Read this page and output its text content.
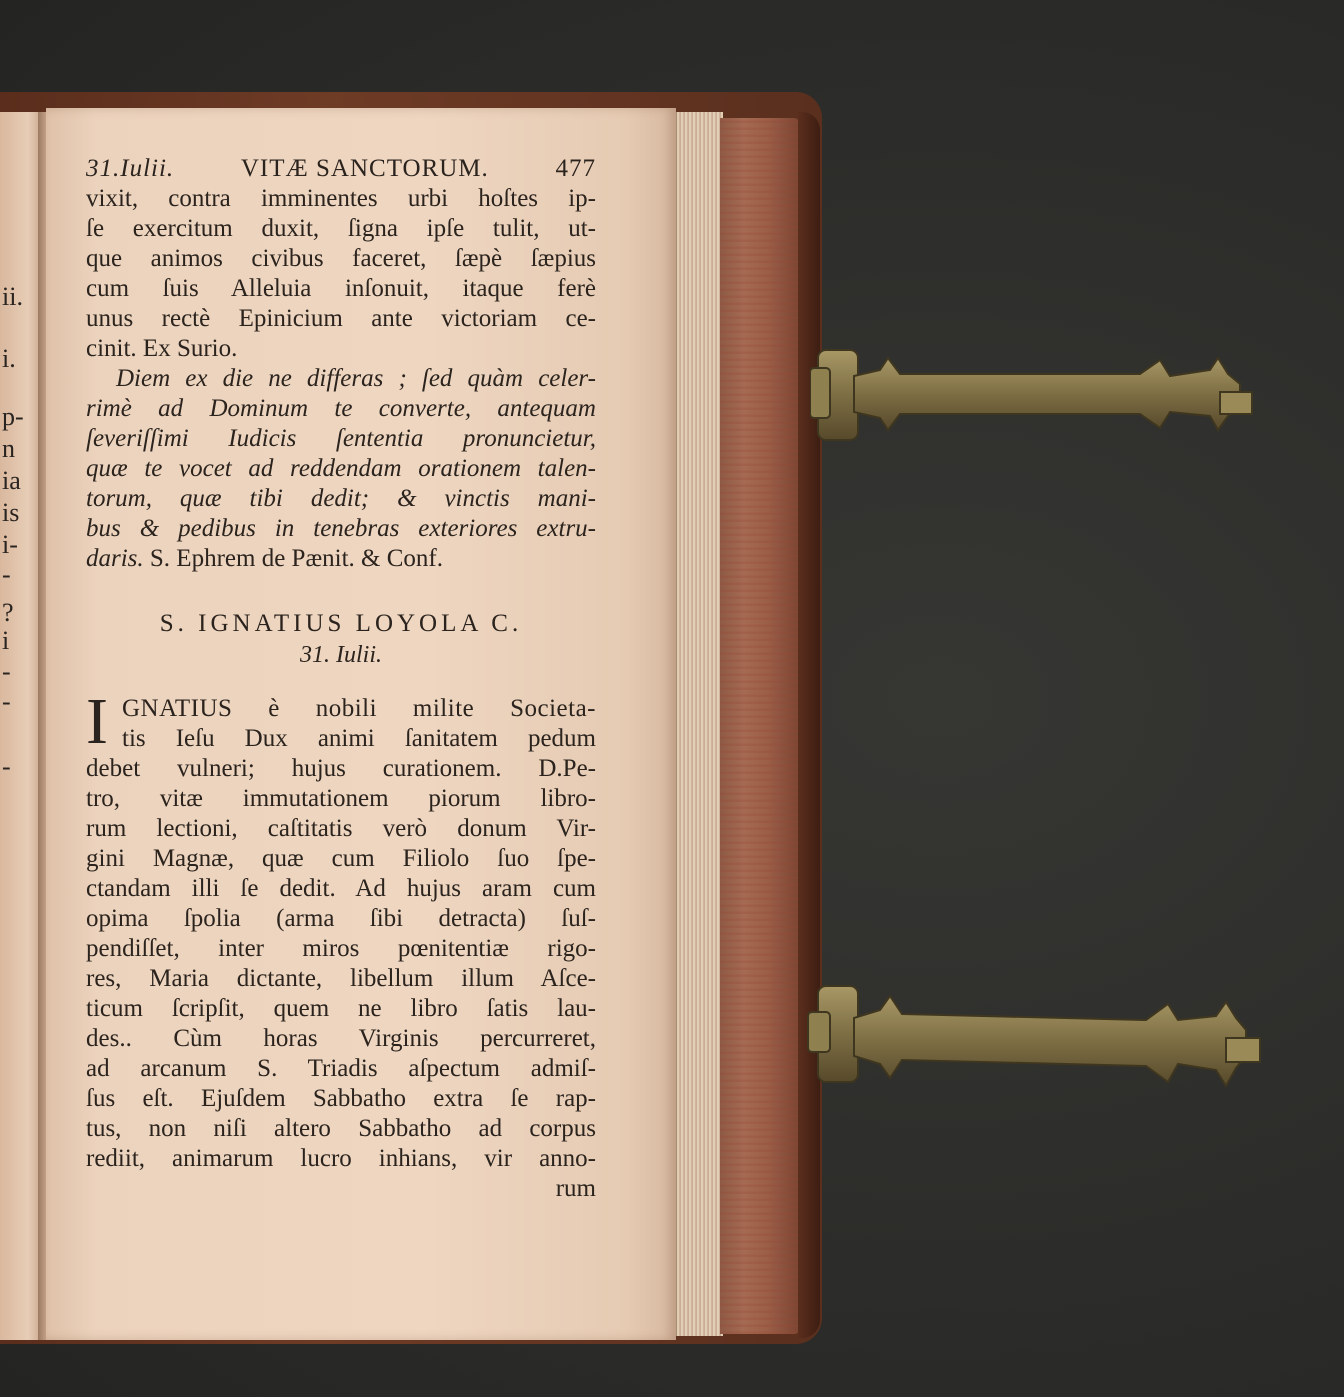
ii.
i.
p-
n
ia
is
i-
-
?
i
-
-
-
31.Iulii.	VITÆ SANCTORUM.	477
vixit, contra imminentes urbi hoſtes ip-
ſe exercitum duxit, ſigna ipſe tulit, ut-
que animos civibus faceret, ſæpè ſæpius
cum ſuis Alleluia inſonuit, itaque ferè
unus rectè Epinicium ante victoriam ce-
cinit. Ex Surio.
Diem ex die ne differas ; ſed quàm celer-
rimè ad Dominum te converte, antequam
ſeveriſſimi Iudicis ſententia pronuncietur,
quæ te vocet ad reddendam orationem talen-
torum, quæ tibi dedit; & vinctis mani-
bus & pedibus in tenebras exteriores extru-
daris. S. Ephrem de Pænit. & Conf.
S. IGNATIUS LOYOLA C.
31. Iulii.
I GNATIUS è nobili milite Societa-
tis Ieſu Dux animi ſanitatem pedum
debet vulneri; hujus curationem. D.Pe-
tro, vitæ immutationem piorum libro-
rum lectioni, caſtitatis verò donum Vir-
gini Magnæ, quæ cum Filiolo ſuo ſpe-
ctandam illi ſe dedit. Ad hujus aram cum
opima ſpolia (arma ſibi detracta) ſuſ-
pendiſſet, inter miros pœnitentiæ rigo-
res, Maria dictante, libellum illum Aſce-
ticum ſcripſit, quem ne libro ſatis lau-
des.. Cùm horas Virginis percurreret,
ad arcanum S. Triadis aſpectum admiſ-
ſus eſt. Ejuſdem Sabbatho extra ſe rap-
tus, non niſi altero Sabbatho ad corpus
rediit, animarum lucro inhians, vir anno-
rum
